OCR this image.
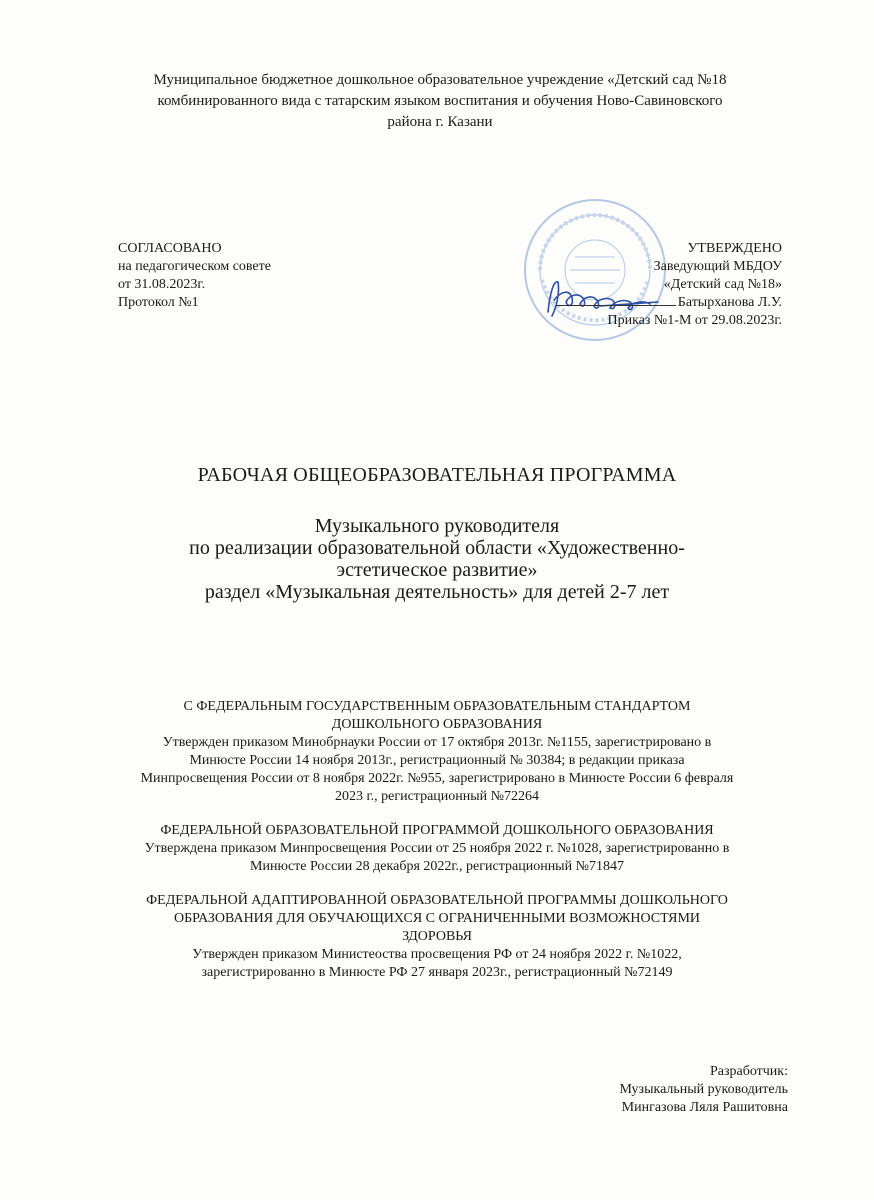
Муниципальное бюджетное дошкольное образовательное учреждение «Детский сад №18
комбинированного вида с татарским языком воспитания и обучения Ново-Савиновского
района г. Казани
СОГЛАСОВАНО
на педагогическом совете
от 31.08.2023г.
Протокол №1
УТВЕРЖДЕНО
Заведующий МБДОУ
«Детский сад №18»
Батырханова Л.У.
Приказ №1-М от 29.08.2023г.
РАБОЧАЯ ОБЩЕОБРАЗОВАТЕЛЬНАЯ ПРОГРАММА
Музыкального руководителя
по реализации образовательной области «Художественно-
эстетическое развитие»
раздел «Музыкальная деятельность» для детей 2-7 лет
С ФЕДЕРАЛЬНЫМ ГОСУДАРСТВЕННЫМ ОБРАЗОВАТЕЛЬНЫМ СТАНДАРТОМ
ДОШКОЛЬНОГО ОБРАЗОВАНИЯ
Утвержден приказом Минобрнауки России от 17 октября 2013г. №1155, зарегистрировано в
Минюсте России 14 ноября 2013г., регистрационный № 30384; в редакции приказа
Минпросвещения России от 8 ноября 2022г. №955, зарегистрировано в Минюсте России 6 февраля
2023 г., регистрационный №72264
ФЕДЕРАЛЬНОЙ ОБРАЗОВАТЕЛЬНОЙ ПРОГРАММОЙ ДОШКОЛЬНОГО ОБРАЗОВАНИЯ
Утверждена приказом Минпросвещения России от 25 ноября 2022 г. №1028, зарегистрированно в
Минюсте России 28 декабря 2022г., регистрационный №71847
ФЕДЕРАЛЬНОЙ АДАПТИРОВАННОЙ ОБРАЗОВАТЕЛЬНОЙ ПРОГРАММЫ ДОШКОЛЬНОГО
ОБРАЗОВАНИЯ ДЛЯ ОБУЧАЮЩИХСЯ С ОГРАНИЧЕННЫМИ ВОЗМОЖНОСТЯМИ
ЗДОРОВЬЯ
Утвержден приказом Министеоства просвещения РФ от 24 ноября 2022 г. №1022,
зарегистрированно в Минюсте РФ 27 января 2023г., регистрационный №72149
Разработчик:
Музыкальный руководитель
Мингазова Ляля Рашитовна
